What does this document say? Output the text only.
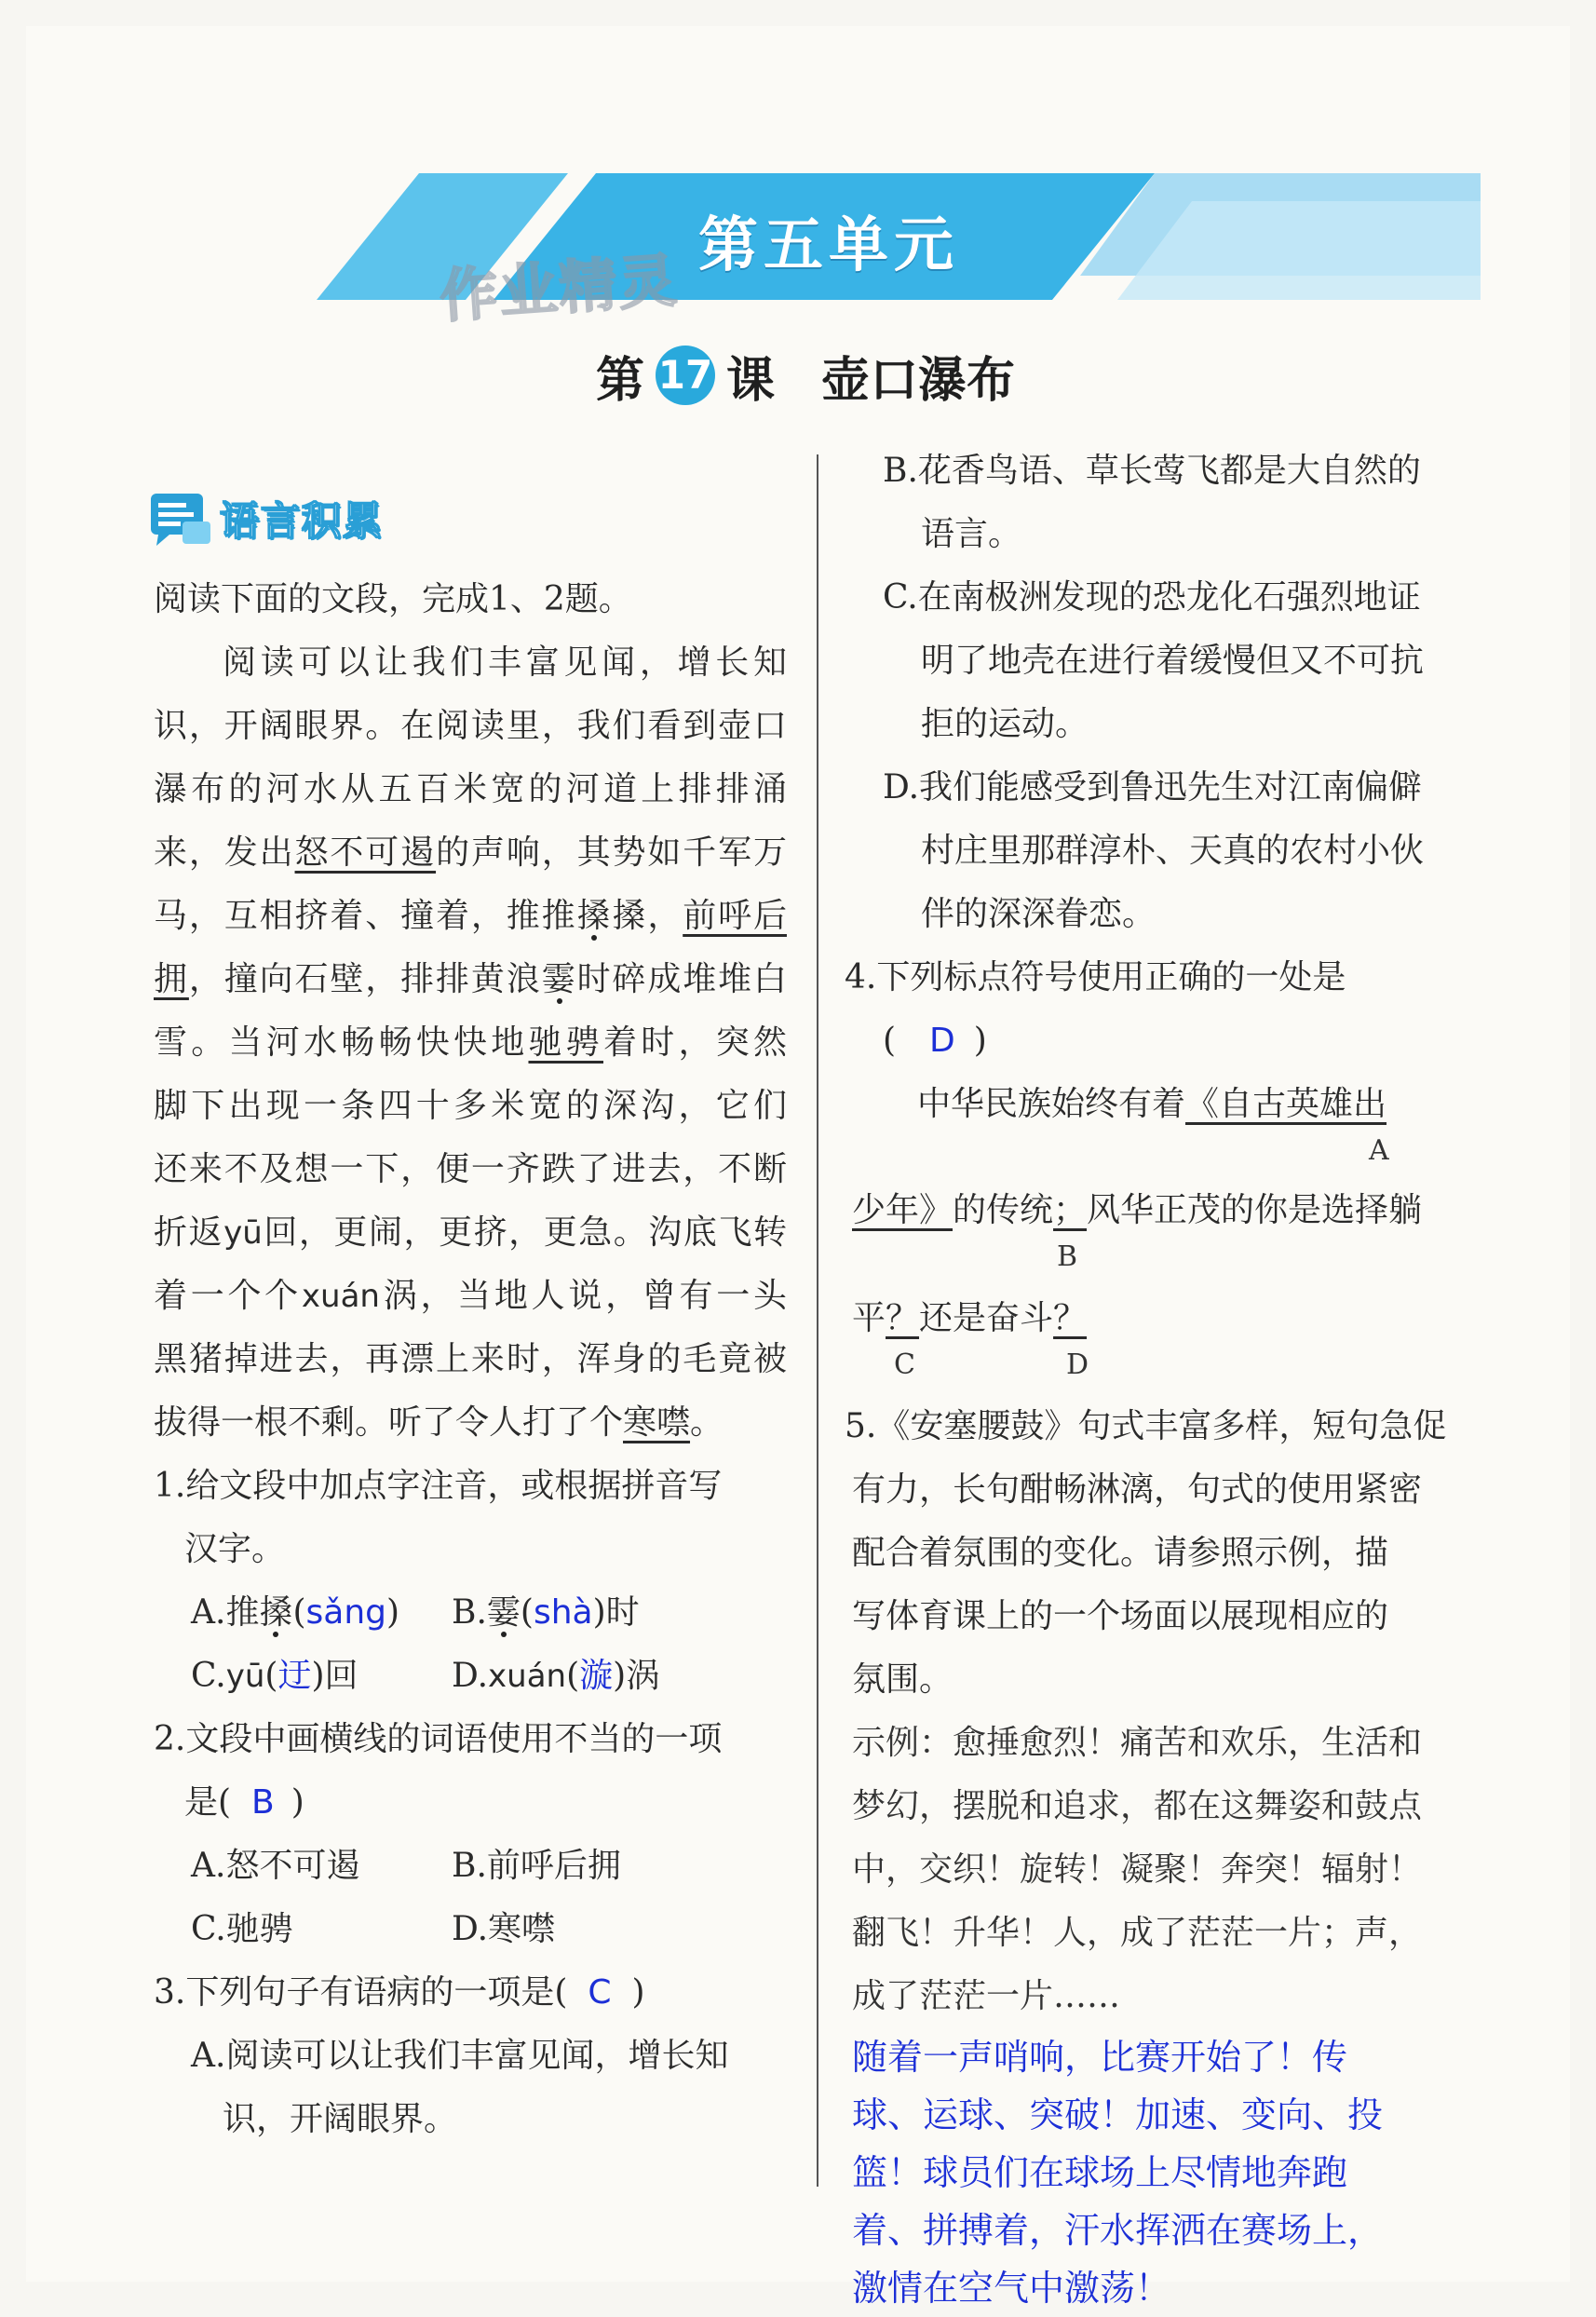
第五单元
作业精灵
第 17 课 壶口瀑布
语言积累
阅读下面的文段，完成1、2题。
阅读可以让我们丰富见闻，增长知
识，开阔眼界。在阅读里，我们看到壶口
瀑布的河水从五百米宽的河道上排排涌
来，发出怒不可遏的声响，其势如千军万
马，互相挤着、撞着，推推搡搡，前呼后
拥，撞向石壁，排排黄浪霎时碎成堆堆白
雪。当河水畅畅快快地驰骋着时，突然
脚下出现一条四十多米宽的深沟，它们
还来不及想一下，便一齐跌了进去，不断
折返yū回，更闹，更挤，更急。沟底飞转
着一个个xuán涡，当地人说，曾有一头
黑猪掉进去，再漂上来时，浑身的毛竟被
拔得一根不剩。听了令人打了个寒噤。
1.给文段中加点字注音，或根据拼音写
汉字。
A.推搡(sǎng)	B.霎(shà)时
C.yū(迂)回	D.xuán(漩)涡
2.文段中画横线的词语使用不当的一项
是( B )
A.怒不可遏	B.前呼后拥
C.驰骋	D.寒噤
3.下列句子有语病的一项是( C )
A.阅读可以让我们丰富见闻，增长知
识，开阔眼界。
B.花香鸟语、草长莺飞都是大自然的
语言。
C.在南极洲发现的恐龙化石强烈地证
明了地壳在进行着缓慢但又不可抗
拒的运动。
D.我们能感受到鲁迅先生对江南偏僻
村庄里那群淳朴、天真的农村小伙
伴的深深眷恋。
4.下列标点符号使用正确的一处是
( D )
中华民族始终有着《自古英雄出
A
少年》的传统；风华正茂的你是选择躺
B
平？还是奋斗？
C	D
5.《安塞腰鼓》句式丰富多样，短句急促
有力，长句酣畅淋漓，句式的使用紧密
配合着氛围的变化。请参照示例，描
写体育课上的一个场面以展现相应的
氛围。
示例：愈捶愈烈！痛苦和欢乐，生活和
梦幻，摆脱和追求，都在这舞姿和鼓点
中，交织！旋转！凝聚！奔突！辐射！
翻飞！升华！人，成了茫茫一片；声，
成了茫茫一片……
随着一声哨响，比赛开始了！传
球、运球、突破！加速、变向、投
篮！球员们在球场上尽情地奔跑
着、拼搏着，汗水挥洒在赛场上，
激情在空气中激荡！
